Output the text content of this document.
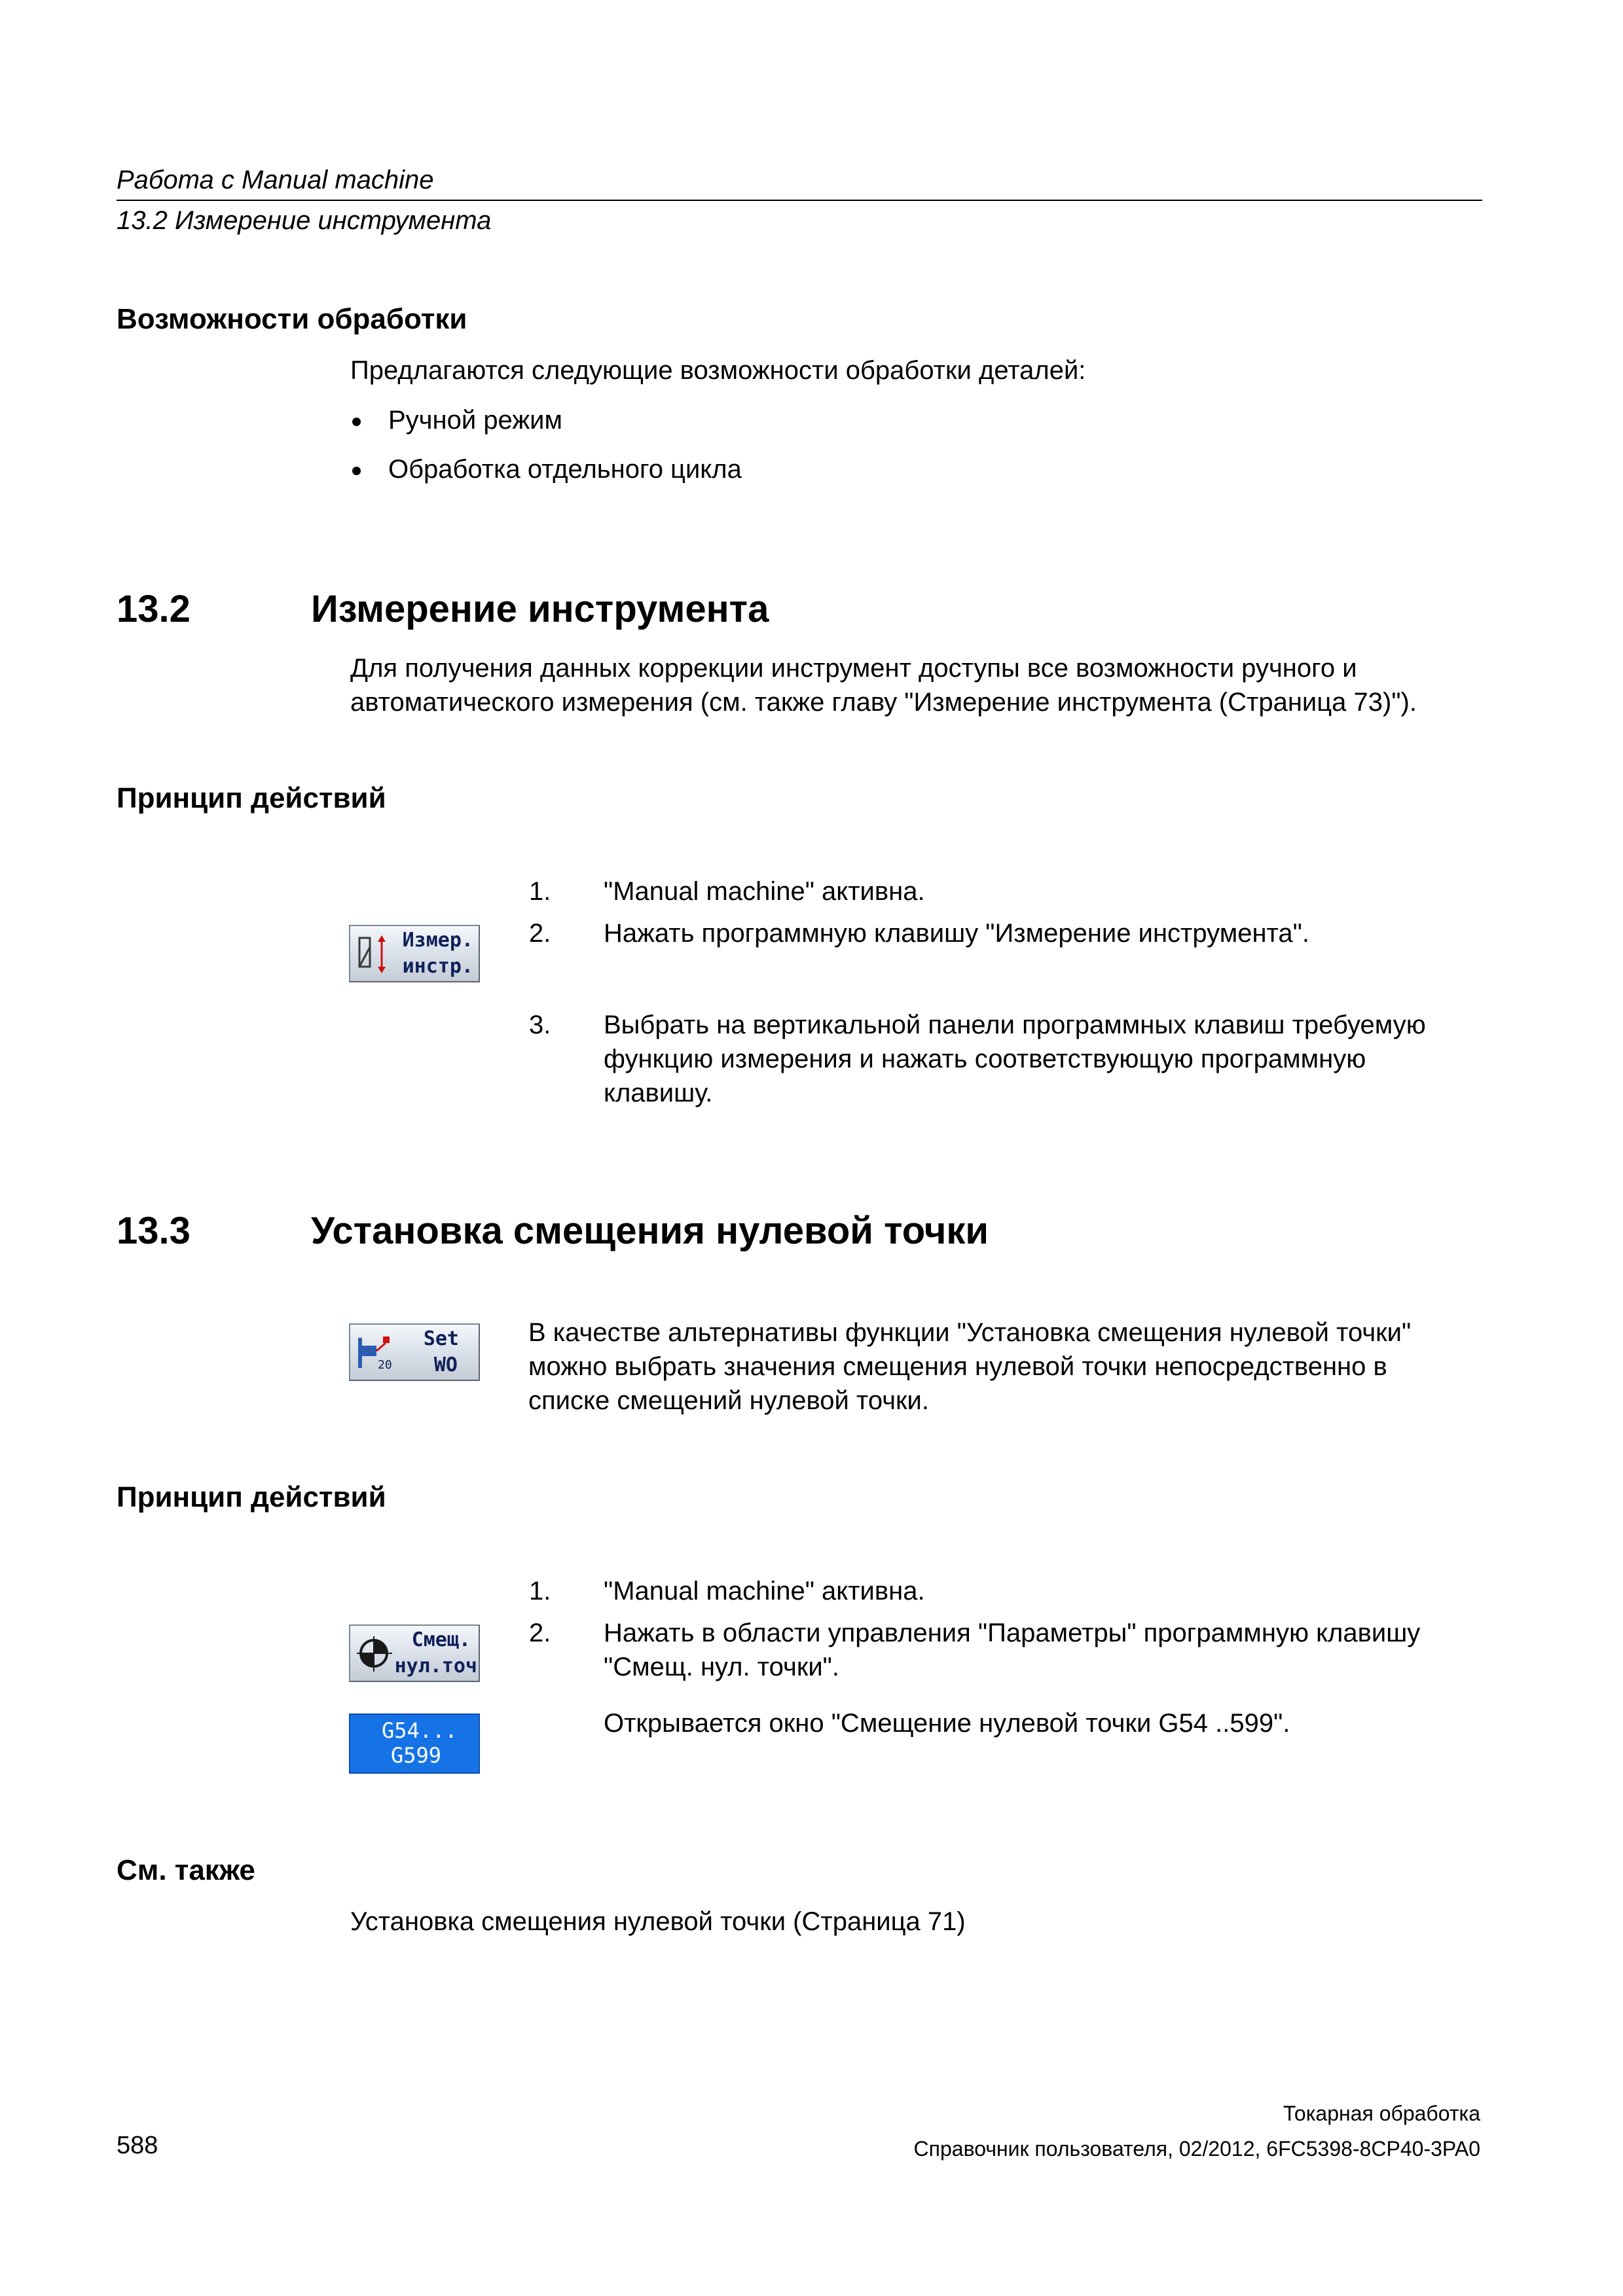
Работа с Manual machine
13.2 Измерение инструмента
Возможности обработки
Предлагаются следующие возможности обработки деталей:
Ручной режим
Обработка отдельного цикла
13.2	Измерение инструмента
Для получения данных коррекции инструмент доступы все возможности ручного и
автоматического измерения (см. также главу "Измерение инструмента (Страница 73)").
Принцип действий
Измер.
инстр.
1. "Manual machine" активна.
2. Нажать программную клавишу "Измерение инструмента".
3. Выбрать на вертикальной панели программных клавиш требуемую
функцию измерения и нажать соответствующую программную
клавишу.
13.3	Установка смещения нулевой точки
20
Set
WO
В качестве альтернативы функции "Установка смещения нулевой точки"
можно выбрать значения смещения нулевой точки непосредственно в
списке смещений нулевой точки.
Принцип действий
1. "Manual machine" активна.
2. Нажать в области управления "Параметры" программную клавишу
"Смещ. нул. точки".
Смещ.
нул.точ
G54...
G599
Открывается окно "Смещение нулевой точки G54 ..599".
См. также
Установка смещения нулевой точки (Страница 71)
Токарная обработка
588	Справочник пользователя, 02/2012, 6FC5398-8CP40-3PA0
